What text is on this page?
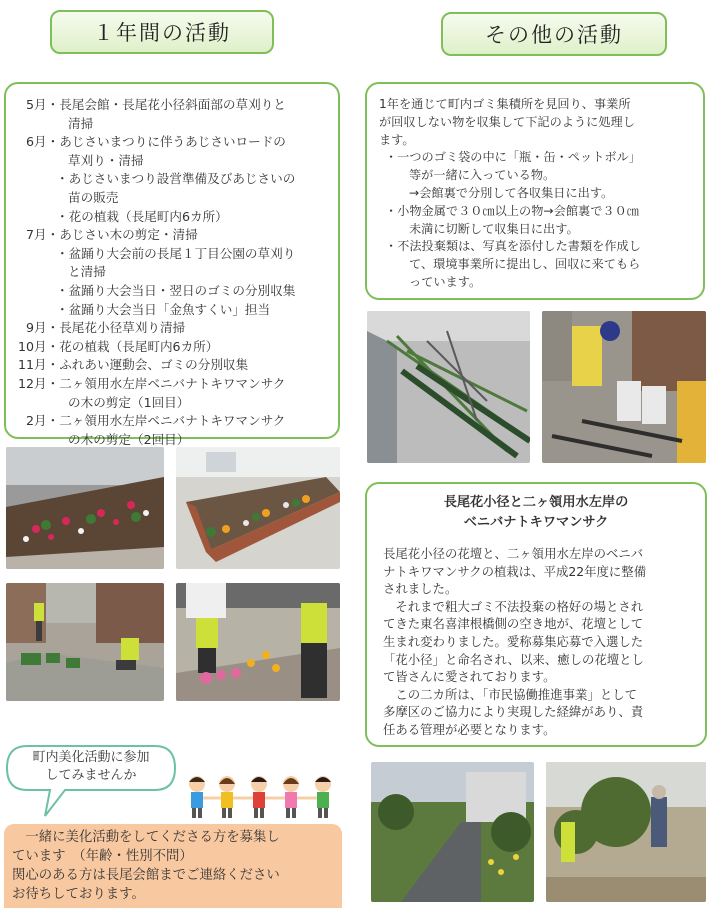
１年間の活動	その他の活動
5月・長尾会館・長尾花小径斜面部の草刈りと
清掃
6月・あじさいまつりに伴うあじさいロードの
草刈り・清掃
・あじさいまつり設営準備及びあじさいの
苗の販売
・花の植栽（長尾町内6カ所）
7月・あじさい木の剪定・清掃
・盆踊り大会前の長尾１丁目公園の草刈り
と清掃
・盆踊り大会当日・翌日のゴミの分別収集
・盆踊り大会当日「金魚すくい」担当
9月・長尾花小径草刈り清掃
10月・花の植栽（長尾町内6カ所）
11月・ふれあい運動会、ゴミの分別収集
12月・二ヶ領用水左岸ベニバナトキワマンサク
の木の剪定（1回目）
2月・二ヶ領用水左岸ベニバナトキワマンサク
の木の剪定（2回目）
1年を通じて町内ゴミ集積所を見回り、事業所
が回収しない物を収集して下記のように処理し
ます。
・一つのゴミ袋の中に「瓶・缶・ペットボル」
等が一緒に入っている物。
→会館裏で分別して各収集日に出す。
・小物金属で３０㎝以上の物→会館裏で３０㎝
未満に切断して収集日に出す。
・不法投棄類は、写真を添付した書類を作成し
て、環境事業所に提出し、回収に来てもら
っています。
長尾花小径と二ヶ領用水左岸の
ベニバナトキワマンサク
長尾花小径の花壇と、二ヶ領用水左岸のベニバ
ナトキワマンサクの植栽は、平成22年度に整備
されました。
　それまで粗大ゴミ不法投棄の格好の場とされ
てきた東名喜津根橋側の空き地が、花壇として
生まれ変わりました。愛称募集応募で入選した
「花小径」と命名され、以来、癒しの花壇とし
て皆さんに愛されております。
　この二カ所は、「市民協働推進事業」として
多摩区のご協力により実現した経緯があり、責
任ある管理が必要となります。
町内美化活動に参加
してみませんか
　一緒に美化活動をしてくださる方を募集し
ています　（年齢・性別不問）
関心のある方は長尾会館までご連絡ください
お待ちしております。
